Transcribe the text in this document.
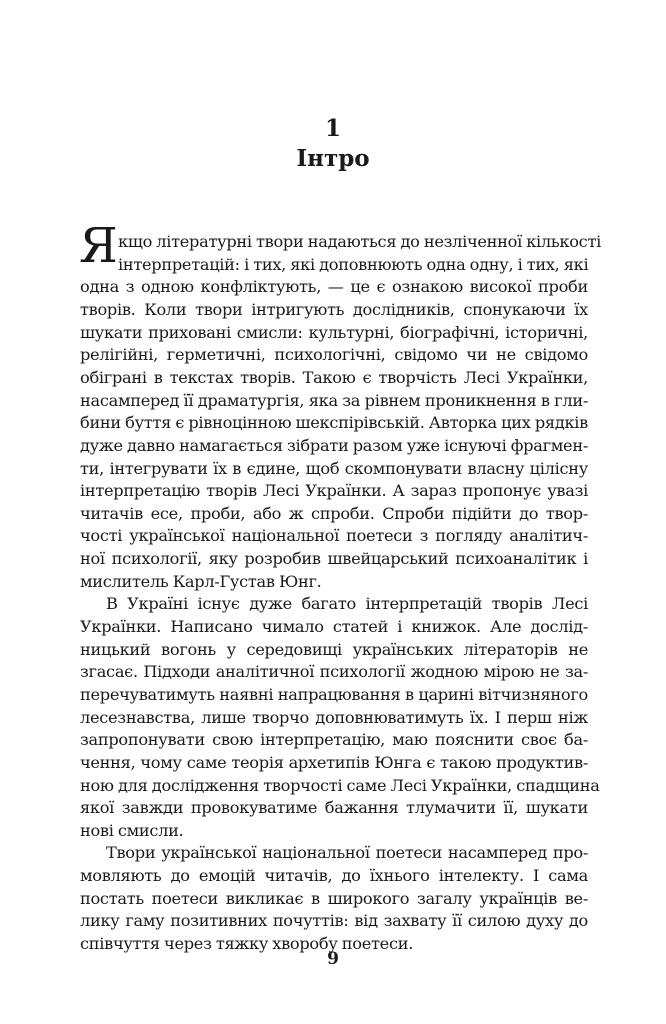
1
Інтро
Я кщо літературні твори надаються до незліченної кількості
інтерпретацій: і тих, які доповнюють одна одну, і тих, які
одна з одною конфліктують, — це є ознакою високої проби
творів. Коли твори інтригують дослідників, спонукаючи їх
шукати приховані смисли: культурні, біографічні, історичні,
релігійні, герметичні, психологічні, свідомо чи не свідомо
обіграні в текстах творів. Такою є творчість Лесі Українки,
насамперед її драматургія, яка за рівнем проникнення в гли-
бини буття є рівноцінною шекспірівській. Авторка цих рядків
дуже давно намагається зібрати разом уже існуючі фрагмен-
ти, інтегрувати їх в єдине, щоб скомпонувати власну цілісну
інтерпретацію творів Лесі Українки. А зараз пропонує увазі
читачів есе, проби, або ж спроби. Спроби підійти до твор-
чості української національної поетеси з погляду аналітич-
ної психології, яку розробив швейцарський психоаналітик і
мислитель Карл-Густав Юнг.
В Україні існує дуже багато інтерпретацій творів Лесі
Українки. Написано чимало статей і книжок. Але дослід-
ницький вогонь у середовищі українських літераторів не
згасає. Підходи аналітичної психології жодною мірою не за-
перечуватимуть наявні напрацювання в царині вітчизняного
лесезнавства, лише творчо доповнюватимуть їх. І перш ніж
запропонувати свою інтерпретацію, маю пояснити своє ба-
чення, чому саме теорія архетипів Юнга є такою продуктив-
ною для дослідження творчості саме Лесі Українки, спадщина
якої завжди провокуватиме бажання тлумачити її, шукати
нові смисли.
Твори української національної поетеси насамперед про-
мовляють до емоцій читачів, до їхнього інтелекту. І сама
постать поетеси викликає в широкого загалу українців ве-
лику гаму позитивних почуттів: від захвату її силою духу до
співчуття через тяжку хворобу поетеси.
9
